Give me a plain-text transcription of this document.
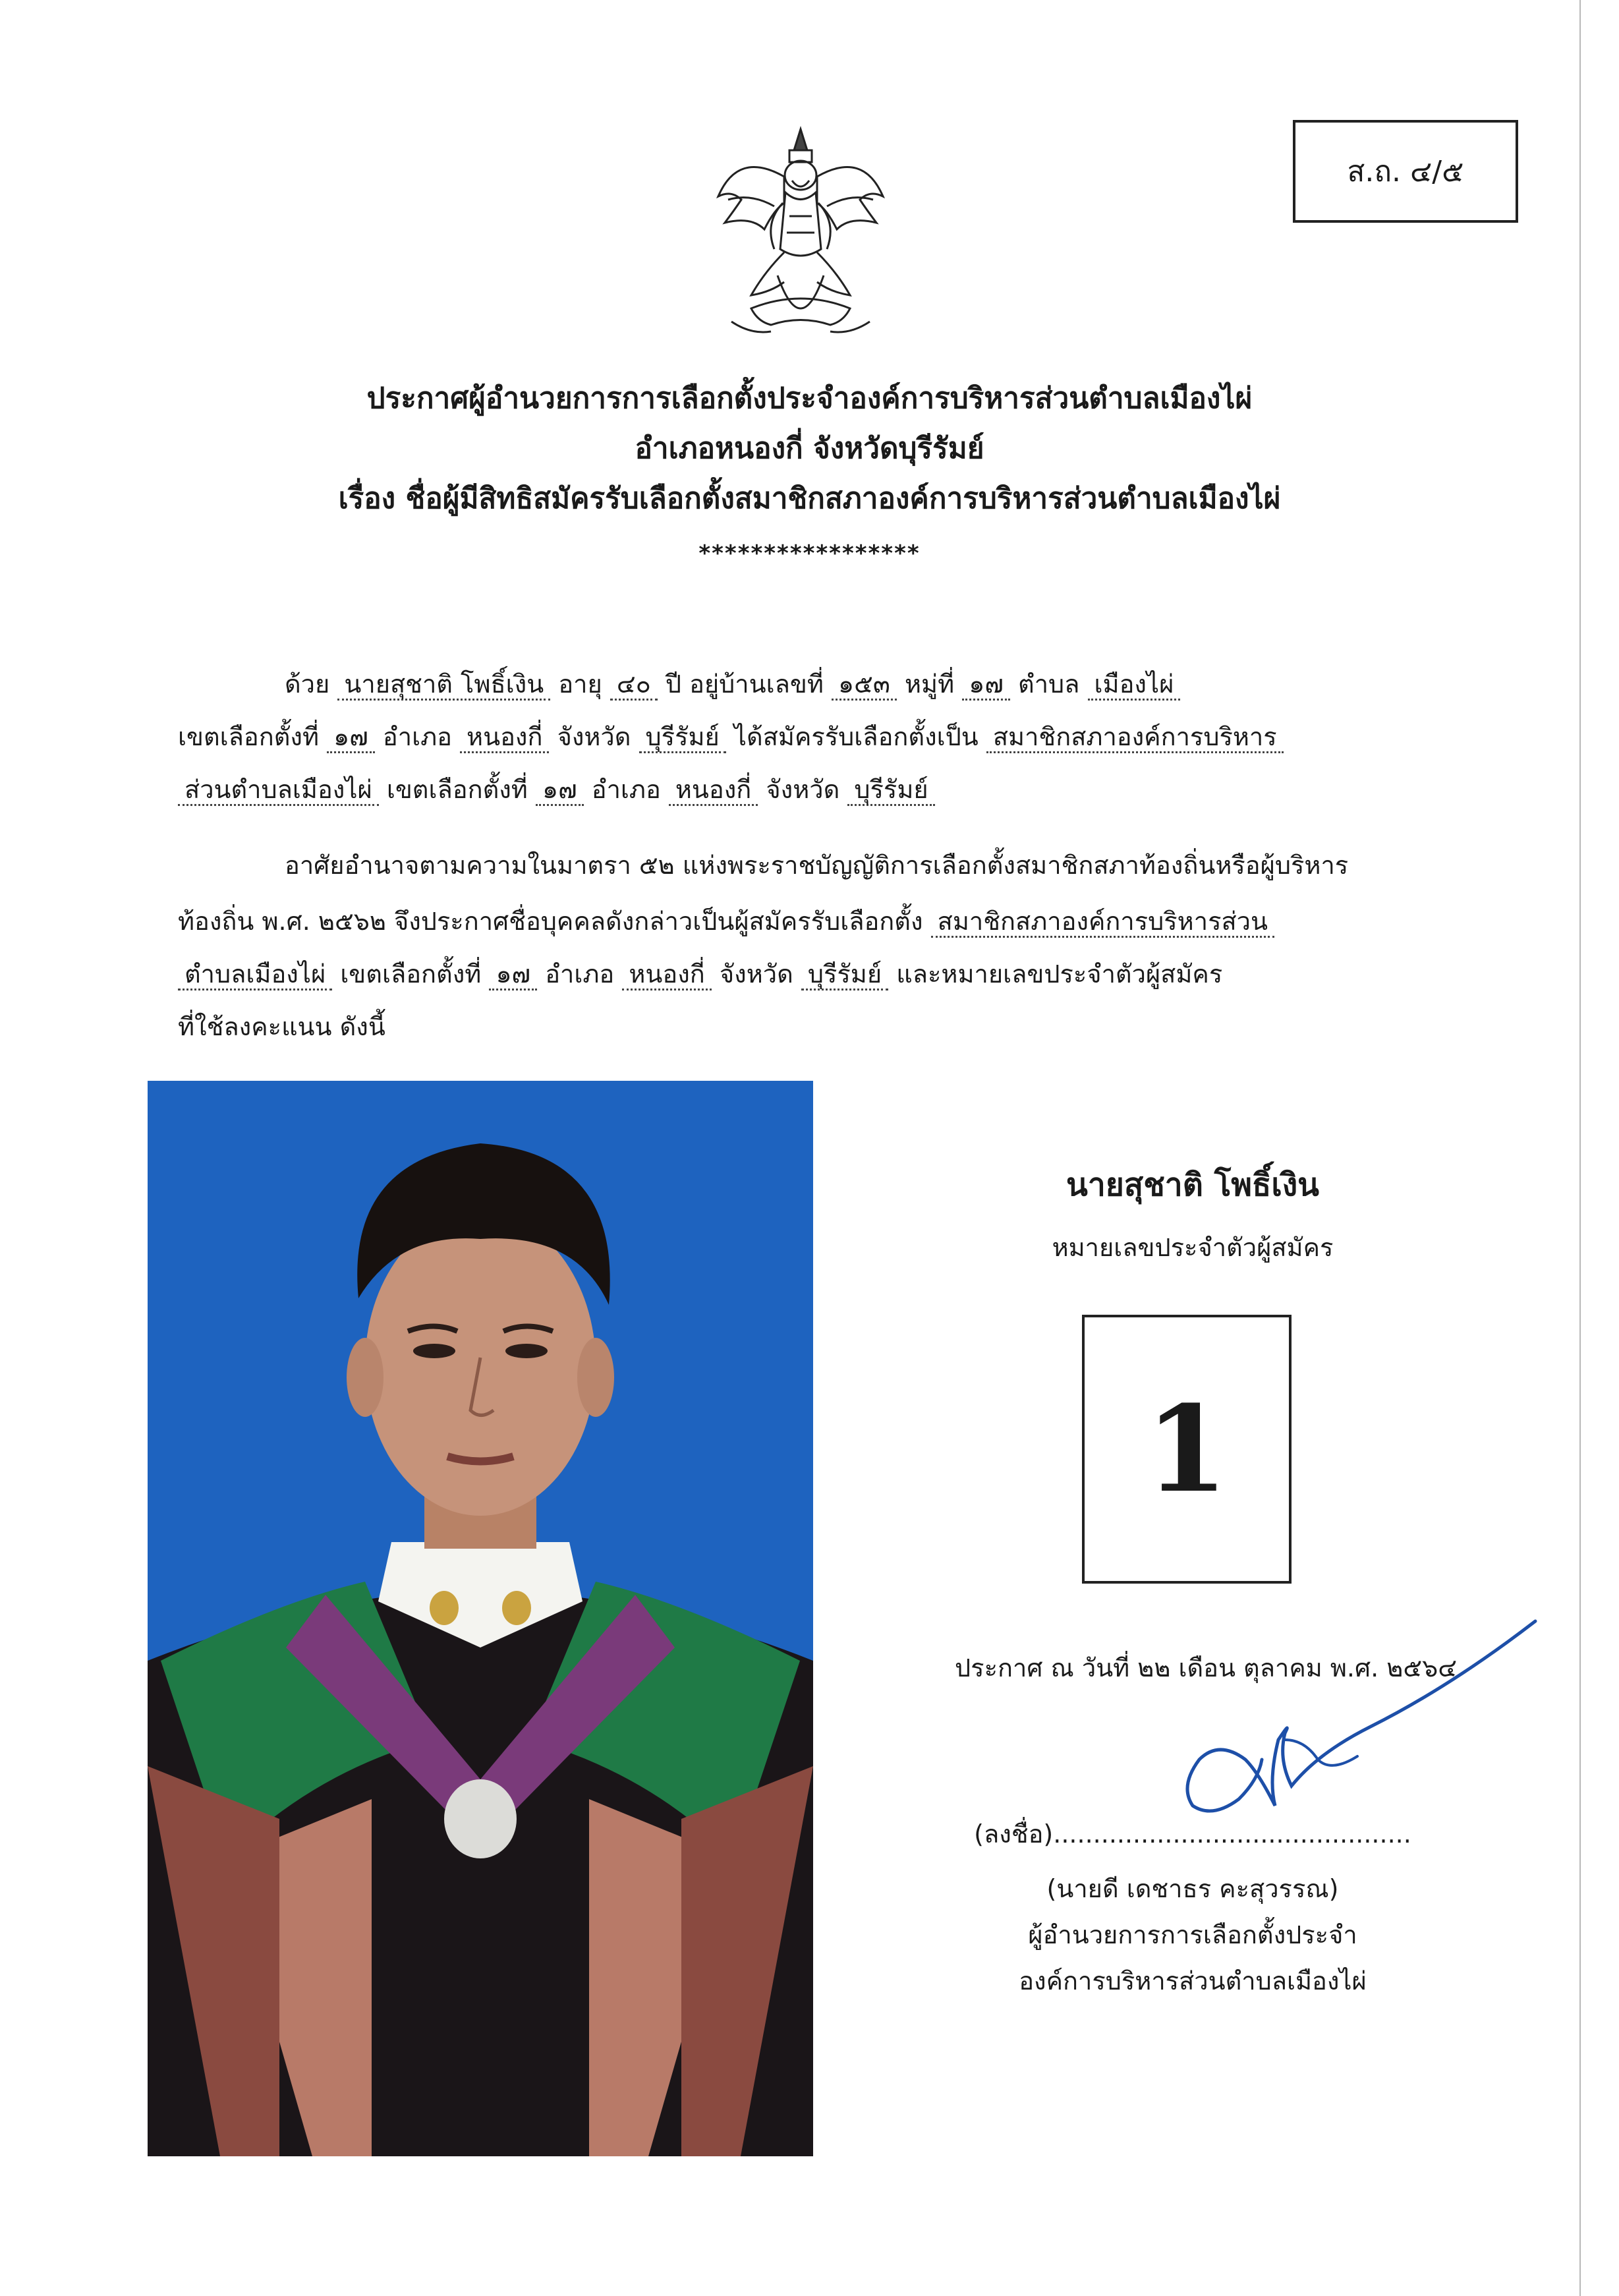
ส.ถ. ๔/๕
ประกาศผู้อำนวยการการเลือกตั้งประจำองค์การบริหารส่วนตำบลเมืองไผ่
อำเภอหนองกี่ จังหวัดบุรีรัมย์
เรื่อง ชื่อผู้มีสิทธิสมัครรับเลือกตั้งสมาชิกสภาองค์การบริหารส่วนตำบลเมืองไผ่
*****************
ด้วย นายสุชาติ โพธิ์เงิน อายุ ๔๐ ปี อยู่บ้านเลขที่ ๑๕๓ หมู่ที่ ๑๗ ตำบล เมืองไผ่
เขตเลือกตั้งที่ ๑๗ อำเภอ หนองกี่ จังหวัด บุรีรัมย์ ได้สมัครรับเลือกตั้งเป็น สมาชิกสภาองค์การบริหาร
ส่วนตำบลเมืองไผ่ เขตเลือกตั้งที่ ๑๗ อำเภอ หนองกี่ จังหวัด บุรีรัมย์
อาศัยอำนาจตามความในมาตรา ๕๒ แห่งพระราชบัญญัติการเลือกตั้งสมาชิกสภาท้องถิ่นหรือผู้บริหาร
ท้องถิ่น พ.ศ. ๒๕๖๒ จึงประกาศชื่อบุคคลดังกล่าวเป็นผู้สมัครรับเลือกตั้ง สมาชิกสภาองค์การบริหารส่วน
ตำบลเมืองไผ่ เขตเลือกตั้งที่ ๑๗ อำเภอ หนองกี่ จังหวัด บุรีรัมย์ และหมายเลขประจำตัวผู้สมัคร
ที่ใช้ลงคะแนน ดังนี้
นายสุชาติ โพธิ์เงิน
หมายเลขประจำตัวผู้สมัคร
1
ประกาศ ณ วันที่ ๒๒ เดือน ตุลาคม พ.ศ. ๒๕๖๔
(ลงชื่อ).............................................
(นายดี เดชาธร คะสุวรรณ)
ผู้อำนวยการการเลือกตั้งประจำ
องค์การบริหารส่วนตำบลเมืองไผ่
